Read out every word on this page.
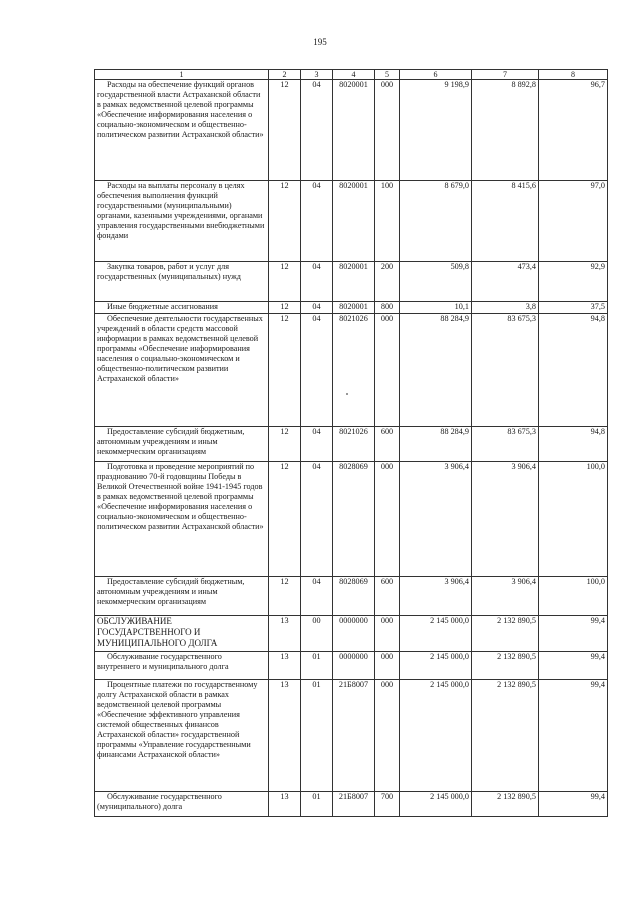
195
1	2	3	4	5	6	7	8
Расходы на обеспечение функций органов государственной власти Астраханской области в рамках ведомственной целевой программы «Обеспечение информирования населения о социально-экономическом и общественно-политическом развитии Астраханской области»	12	04	8020001	000	9 198,9	8 892,8	96,7
Расходы на выплаты персоналу в целях обеспечения выполнения функций государственными (муниципальными) органами, казенными учреждениями, органами управления государственными внебюджетными фондами	12	04	8020001	100	8 679,0	8 415,6	97,0
Закупка товаров, работ и услуг для государственных (муниципальных) нужд	12	04	8020001	200	509,8	473,4	92,9
Иные бюджетные ассигнования	12	04	8020001	800	10,1	3,8	37,5
Обеспечение деятельности государственных учреждений в области средств массовой информации в рамках ведомственной целевой программы «Обеспечение информирования населения о социально-экономическом и общественно-политическом развитии Астраханской области»	12	04	8021026	000	88 284,9	83 675,3	94,8
Предоставление субсидий бюджетным, автономным учреждениям и иным некоммерческим организациям	12	04	8021026	600	88 284,9	83 675,3	94,8
Подготовка и проведение мероприятий по празднованию 70-й годовщины Победы в Великой Отечественной войне 1941-1945 годов в рамках ведомственной целевой программы «Обеспечение информирования населения о социально-экономическом и общественно-политическом развитии Астраханской области»	12	04	8028069	000	3 906,4	3 906,4	100,0
Предоставление субсидий бюджетным, автономным учреждениям и иным некоммерческим организациям	12	04	8028069	600	3 906,4	3 906,4	100,0
ОБСЛУЖИВАНИЕ ГОСУДАРСТВЕННОГО И МУНИЦИПАЛЬНОГО ДОЛГА	13	00	0000000	000	2 145 000,0	2 132 890,5	99,4
Обслуживание государственного внутреннего и муниципального долга	13	01	0000000	000	2 145 000,0	2 132 890,5	99,4
Процентные платежи по государственному долгу Астраханской области в рамках ведомственной целевой программы «Обеспечение эффективного управления системой общественных финансов Астраханской области» государственной программы «Управление государственными финансами Астраханской области»	13	01	21Б8007	000	2 145 000,0	2 132 890,5	99,4
Обслуживание государственного (муниципального) долга	13	01	21Б8007	700	2 145 000,0	2 132 890,5	99,4
